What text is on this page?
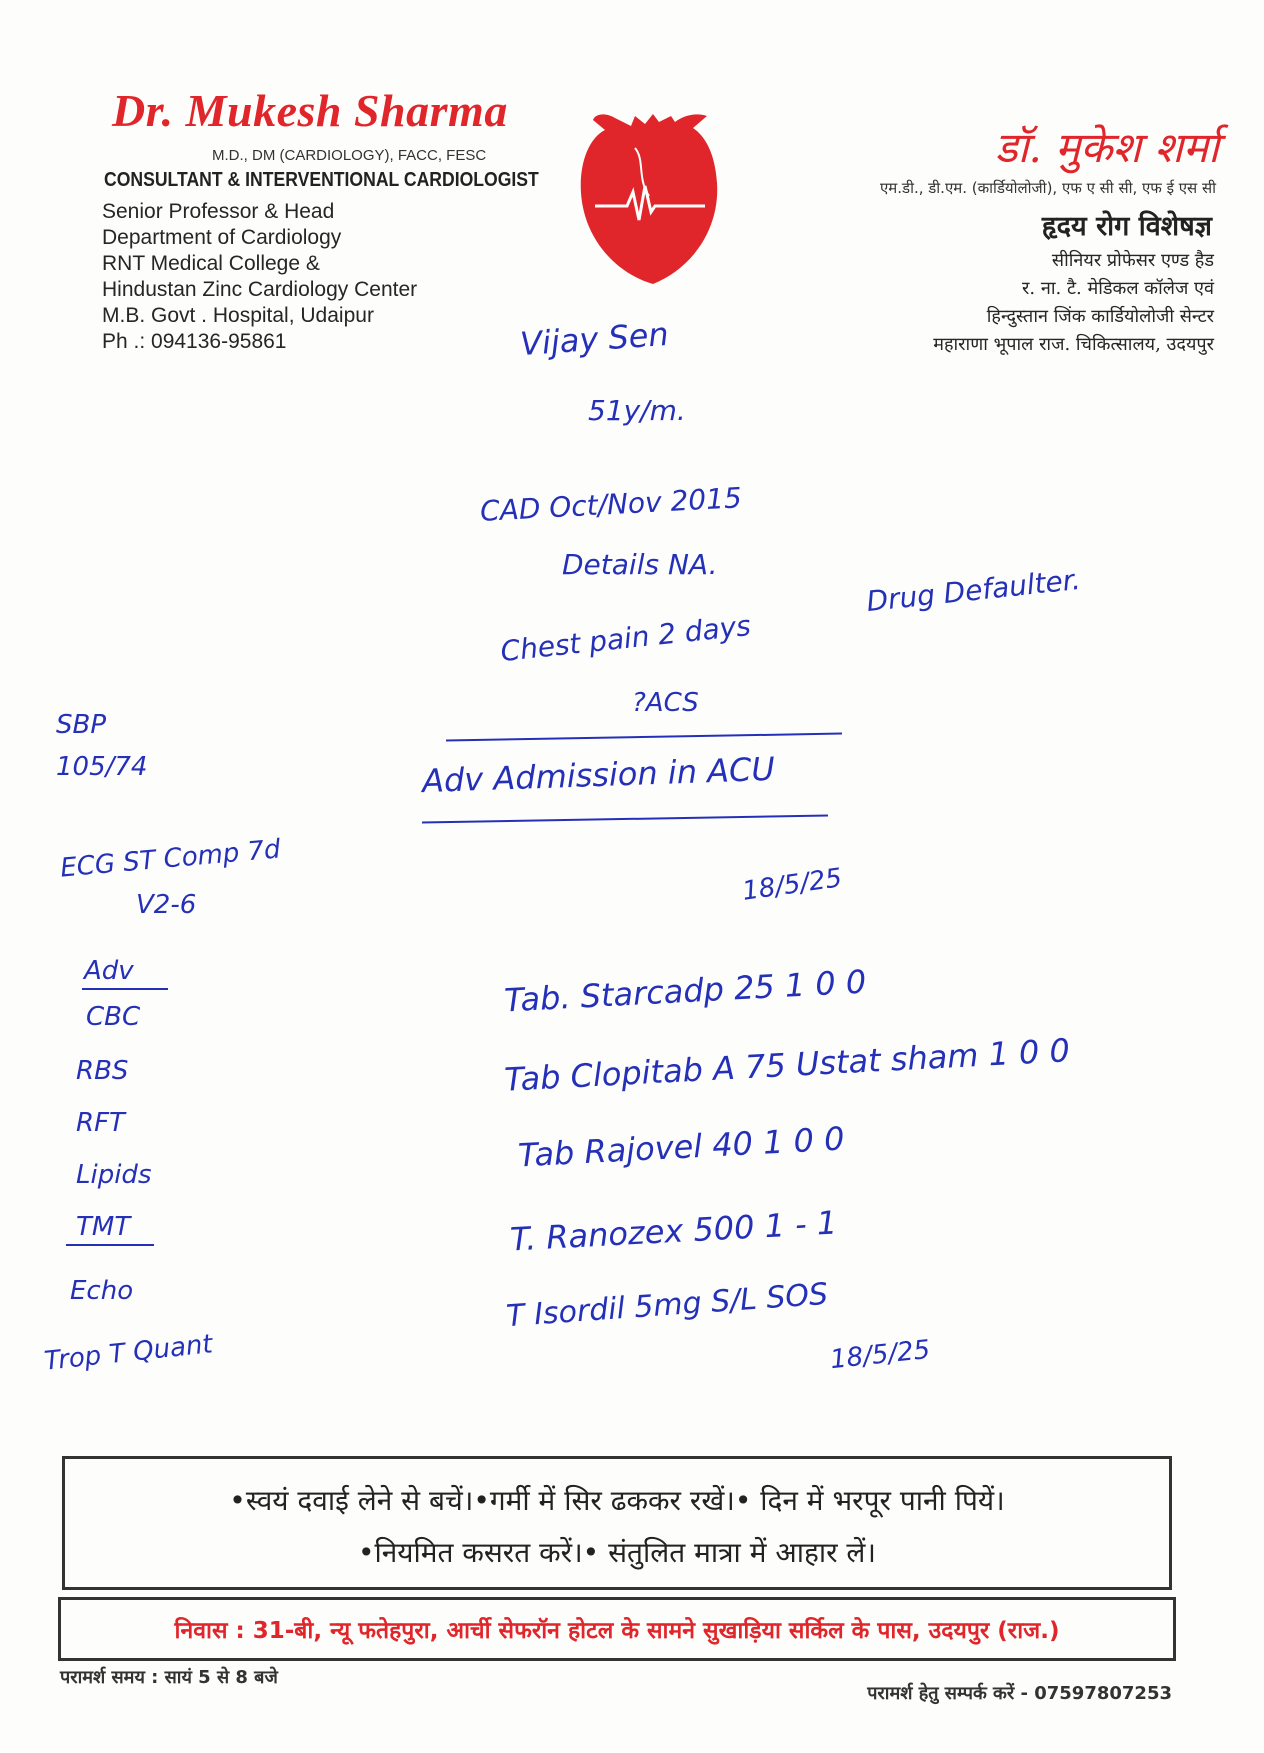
Dr. Mukesh Sharma
M.D., DM (CARDIOLOGY), FACC, FESC
CONSULTANT & INTERVENTIONAL CARDIOLOGIST
Senior Professor & Head
Department of Cardiology
RNT Medical College &
Hindustan Zinc Cardiology Center
M.B. Govt . Hospital, Udaipur
Ph .: 094136-95861
डॉ. मुकेश शर्मा
एम.डी., डी.एम. (कार्डियोलोजी), एफ ए सी सी, एफ ई एस सी
हृदय रोग विशेषज्ञ
सीनियर प्रोफेसर एण्ड हैड
र. ना. टै. मेडिकल कॉलेज एवं
हिन्दुस्तान जिंक कार्डियोलोजी सेन्टर
महाराणा भूपाल राज. चिकित्सालय, उदयपुर
Vijay Sen
51y/m.
CAD Oct/Nov 2015
Details NA.
Chest pain 2 days
?ACS
Drug Defaulter.
Adv Admission in ACU
18/5/25
SBP
105/74
ECG ST Comp 7d
V2-6
Adv
CBC
RBS
RFT
Lipids
TMT
Echo
Trop T Quant
Tab. Starcadp 25 1 0 0
Tab Clopitab A 75 Ustat sham 1 0 0
Tab Rajovel 40 1 0 0
T. Ranozex 500 1 - 1
T Isordil 5mg S/L SOS
18/5/25
•स्वयं दवाई लेने से बचें।•गर्मी में सिर ढककर रखें।• दिन में भरपूर पानी पियें।
•नियमित कसरत करें।• संतुलित मात्रा में आहार लें।
निवास : 31-बी, न्यू फतेहपुरा, आर्ची सेफरॉन होटल के सामने सुखाड़िया सर्किल के पास, उदयपुर (राज.)
परामर्श समय : सायं 5 से 8 बजे
परामर्श हेतु सम्पर्क करें - 07597807253
